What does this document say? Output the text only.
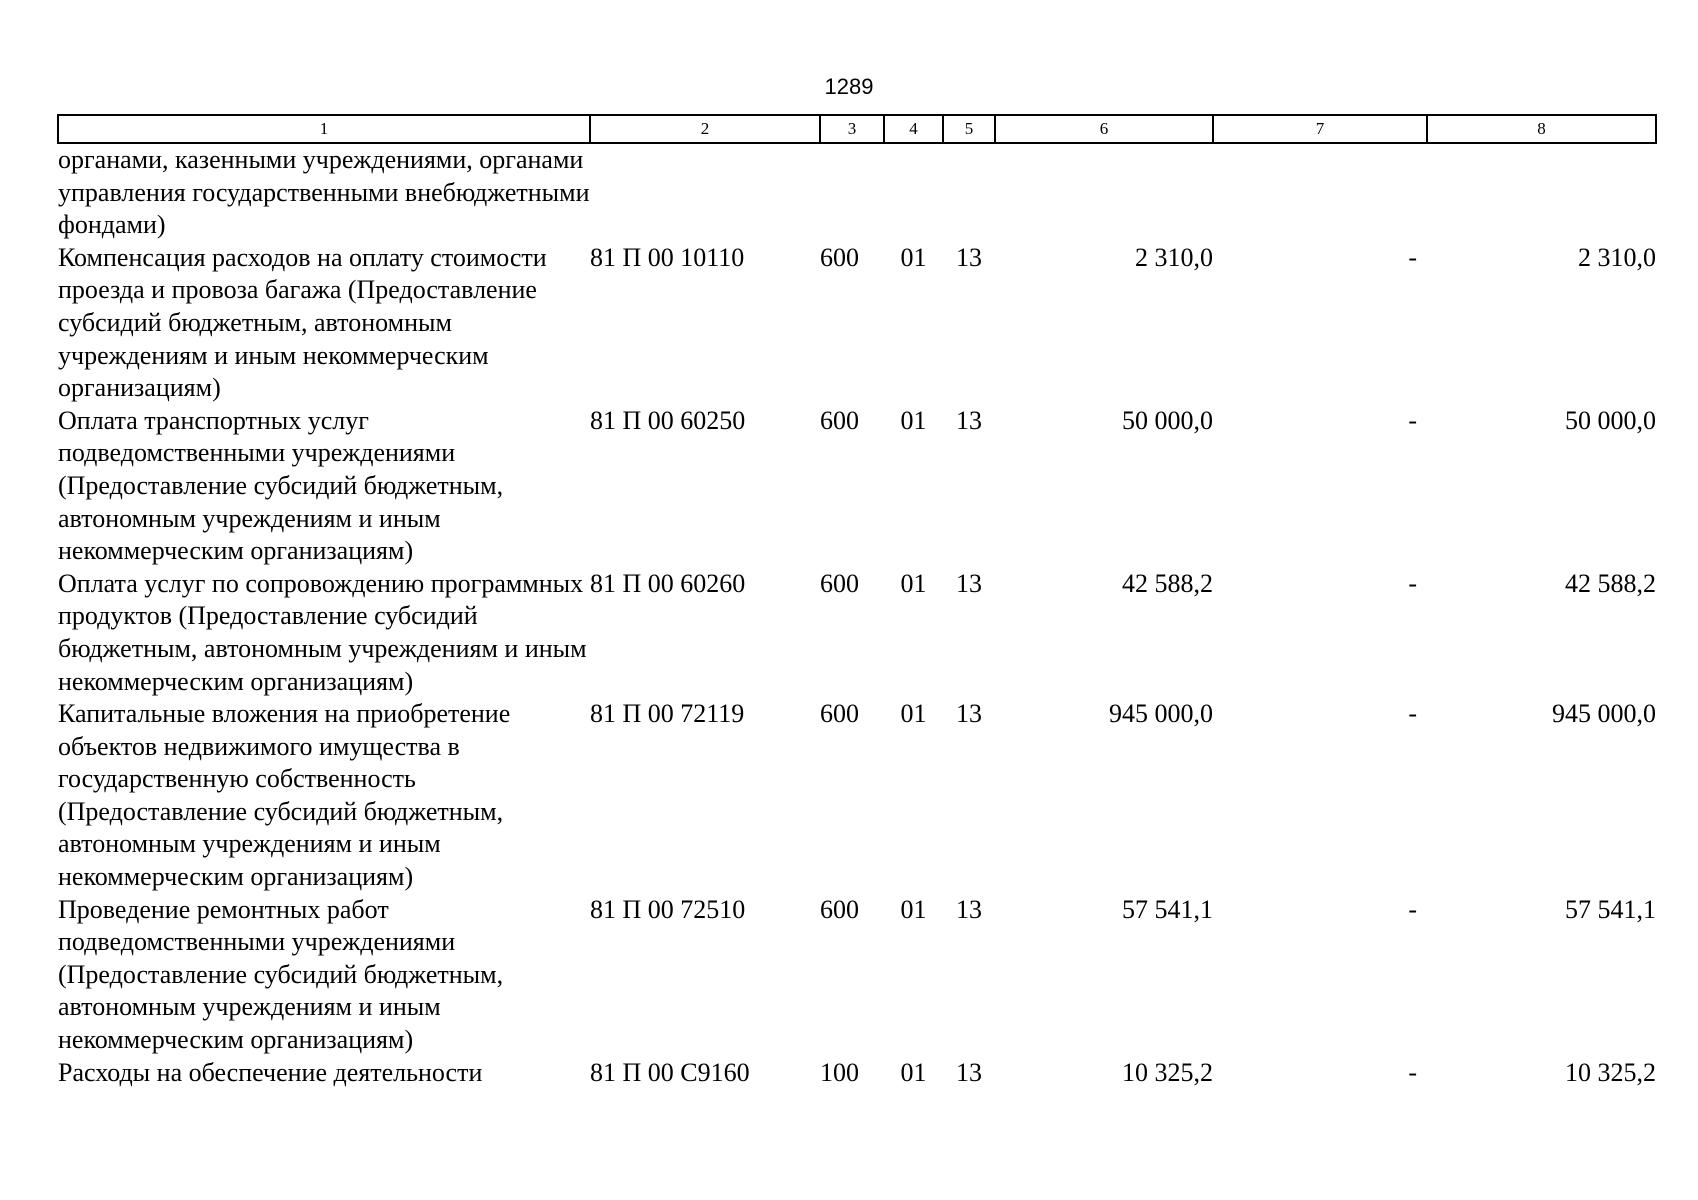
1289
1	2	3	4	5	6	7	8
органами, казенными учреждениями, органами управления государственными внебюджетными фондами)							
Компенсация расходов на оплату стоимости проезда и провоза багажа (Предоставление субсидий бюджетным, автономным учреждениям и иным некоммерческим организациям)	81 П 00 10110	600	01	13	2 310,0	-	2 310,0
Оплата транспортных услуг подведомственными учреждениями (Предоставление субсидий бюджетным, автономным учреждениям и иным некоммерческим организациям)	81 П 00 60250	600	01	13	50 000,0	-	50 000,0
Оплата услуг по сопровождению программных продуктов (Предоставление субсидий бюджетным, автономным учреждениям и иным некоммерческим организациям)	81 П 00 60260	600	01	13	42 588,2	-	42 588,2
Капитальные вложения на приобретение объектов недвижимого имущества в государственную собственность (Предоставление субсидий бюджетным, автономным учреждениям и иным некоммерческим организациям)	81 П 00 72119	600	01	13	945 000,0	-	945 000,0
Проведение ремонтных работ подведомственными учреждениями (Предоставление субсидий бюджетным, автономным учреждениям и иным некоммерческим организациям)	81 П 00 72510	600	01	13	57 541,1	-	57 541,1
Расходы на обеспечение деятельности	81 П 00 С9160	100	01	13	10 325,2	-	10 325,2
